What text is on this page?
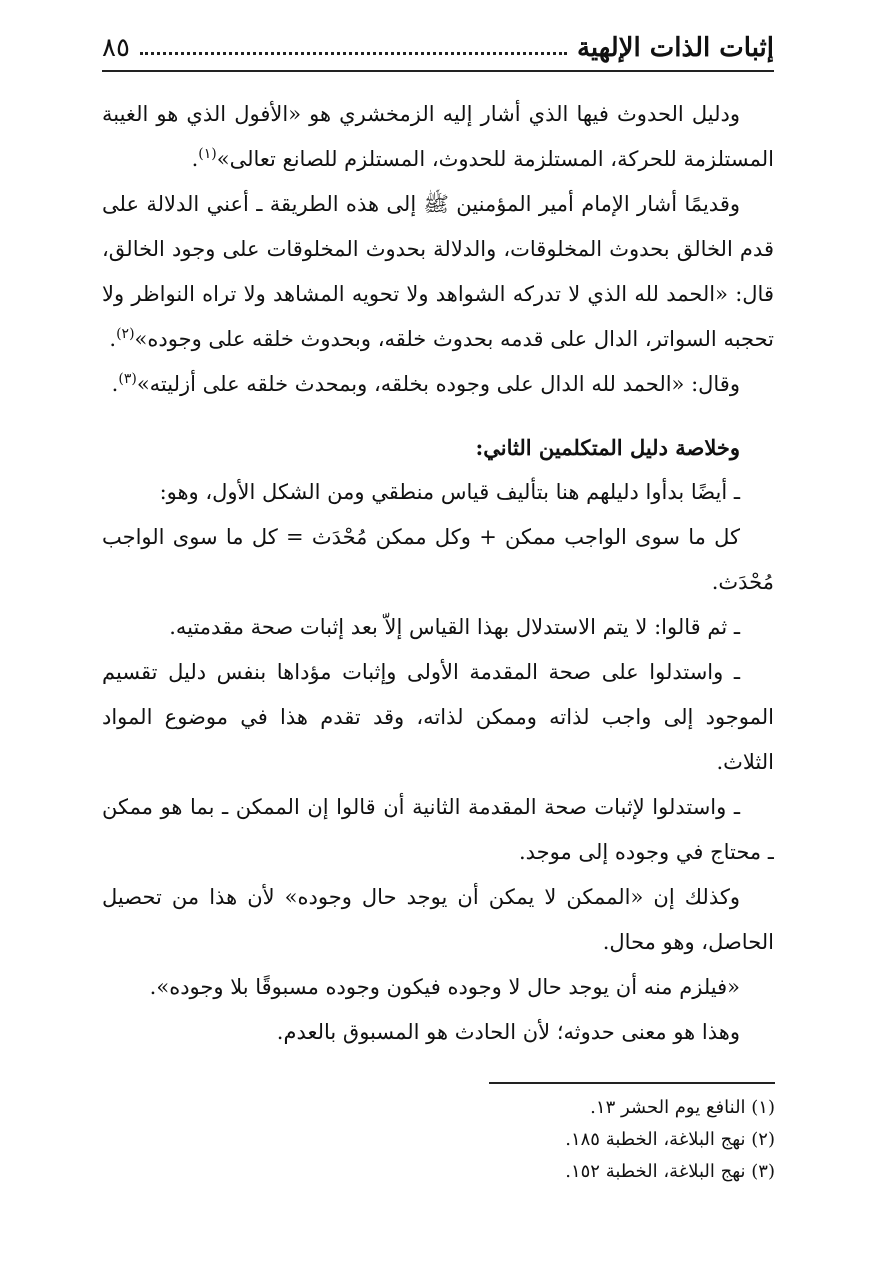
إثبات الذات الإلهية
٨٥

ودليل الحدوث فيها الذي أشار إليه الزمخشري هو «الأفول الذي هو الغيبة المستلزمة للحركة، المستلزمة للحدوث، المستلزم للصانع تعالى»$^{(١)}$.

وقديمًا أشار الإمام أمير المؤمنين ﷺ إلى هذه الطريقة ـ أعني الدلالة على قدم الخالق بحدوث المخلوقات، والدلالة بحدوث المخلوقات على وجود الخالق، قال: «الحمد لله الذي لا تدركه الشواهد ولا تحويه المشاهد ولا تراه النواظر ولا تحجبه السواتر، الدال على قدمه بحدوث خلقه، وبحدوث خلقه على وجوده»$^{(٢)}$.

وقال: «الحمد لله الدال على وجوده بخلقه، وبمحدث خلقه على أزليته»$^{(٣)}$.

وخلاصة دليل المتكلمين الثاني:

ـ أيضًا بدأوا دليلهم هنا بتأليف قياس منطقي ومن الشكل الأول، وهو:

كل ما سوى الواجب ممكن + وكل ممكن مُحْدَث = كل ما سوى الواجب مُحْدَث.

ـ ثم قالوا: لا يتم الاستدلال بهذا القياس إلاّ بعد إثبات صحة مقدمتيه.

ـ واستدلوا على صحة المقدمة الأولى وإثبات مؤداها بنفس دليل تقسيم الموجود إلى واجب لذاته وممكن لذاته، وقد تقدم هذا في موضوع المواد الثلاث.

ـ واستدلوا لإثبات صحة المقدمة الثانية أن قالوا إن الممكن ـ بما هو ممكن ـ محتاج في وجوده إلى موجد.

وكذلك إن «الممكن لا يمكن أن يوجد حال وجوده» لأن هذا من تحصيل الحاصل، وهو محال.

«فيلزم منه أن يوجد حال لا وجوده فيكون وجوده مسبوقًا بلا وجوده».

وهذا هو معنى حدوثه؛ لأن الحادث هو المسبوق بالعدم.

(١) النافع يوم الحشر ١٣.

(٢) نهج البلاغة، الخطبة ١٨٥.

(٣) نهج البلاغة، الخطبة ١٥٢.
